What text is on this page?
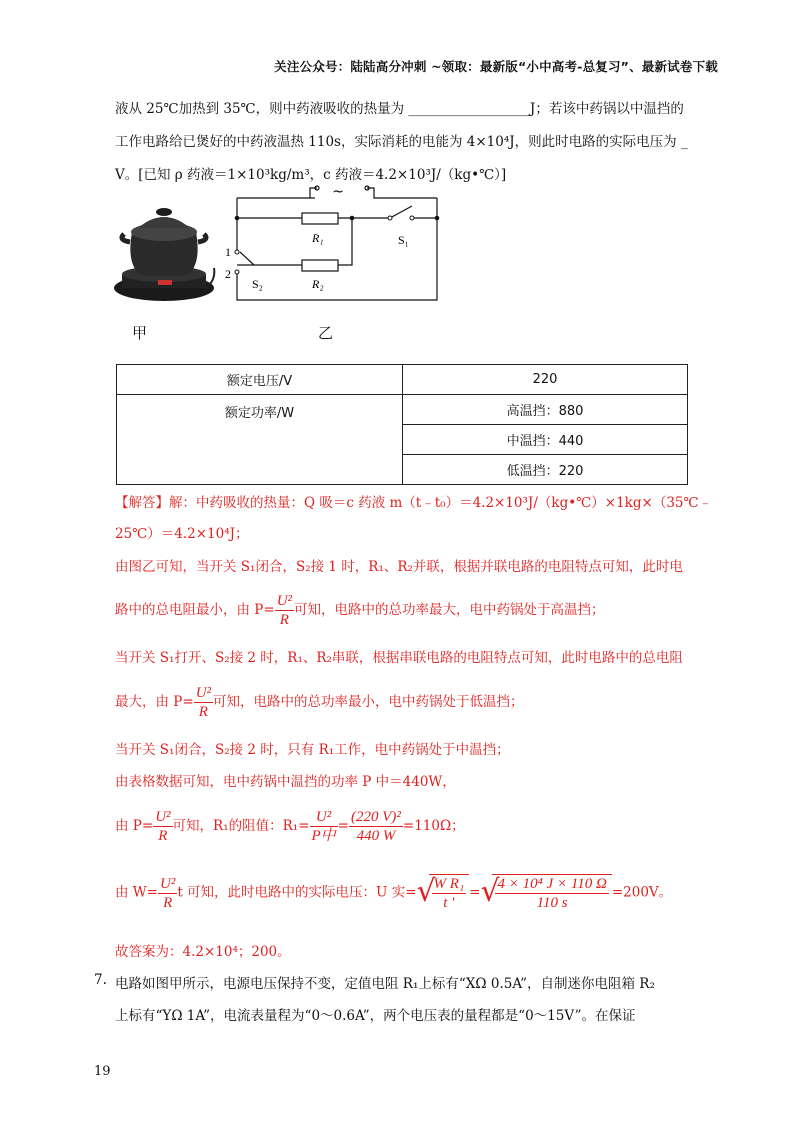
关注公众号：陆陆高分冲刺 ~领取：最新版“小中高考-总复习”、最新试卷下载
液从 25℃加热到 35℃，则中药液吸收的热量为 __________________J；若该中药锅以中温挡的
工作电路给已煲好的中药液温热 110s，实际消耗的电能为 4×10⁴J，则此时电路的实际电压为 _
V。[已知 ρ 药液＝1×10³kg/m³，c 药液＝4.2×10³J/（kg•℃）]
~
R₁
R₂
S₁
S₂
1
2
甲	乙
额定电压/V	220
额定功率/W	高温挡：880
	中温挡：440
	低温挡：220
【解答】解：中药吸收的热量：Q 吸＝c 药液 m（t﹣t₀）＝4.2×10³J/（kg•℃）×1kg×（35℃﹣
25℃）＝4.2×10⁴J；
由图乙可知，当开关 S₁闭合，S₂接 1 时，R₁、R₂并联，根据并联电路的电阻特点可知，此时电
路中的总电阻最小，由 $P= \frac{\text{U²}}{R}$ 可知，电路中的总功率最大，电中药锅处于高温挡；
当开关 S₁打开、S₂接 2 时，R₁、R₂串联，根据串联电路的电阻特点可知，此时电路中的总电阻
最大，由 $P= \frac{\text{U²}}{R}$ 可知，电路中的总功率最小，电中药锅处于低温挡；
当开关 S₁闭合，S₂接 2 时，只有 R₁工作，电中药锅处于中温挡；
由表格数据可知，电中药锅中温挡的功率 P 中＝440W，
由 $P= \frac{\text{U²}}{R}$ 可知，R₁的阻值：$R_1= \frac{\text{U²}}{\text{P中}} = \frac{\text{(220 V)²}}{440 W} =110\Omega$；
由 $W= \frac{\text{U²}}{R}$ t 可知，此时电路中的实际电压：U 实= √
$\frac{\text{W R₁}}{t '}$ = √
$\frac{\text{4 × 10⁴ J × 110 Ω}}{110 s} =200V$。
故答案为：4.2×10⁴；200。
7. 电路如图甲所示，电源电压保持不变，定值电阻 R₁上标有“XΩ 0.5A”，自制迷你电阻箱 R₂
上标有“YΩ 1A”，电流表量程为“0～0.6A”，两个电压表的量程都是“0～15V”。在保证
19
